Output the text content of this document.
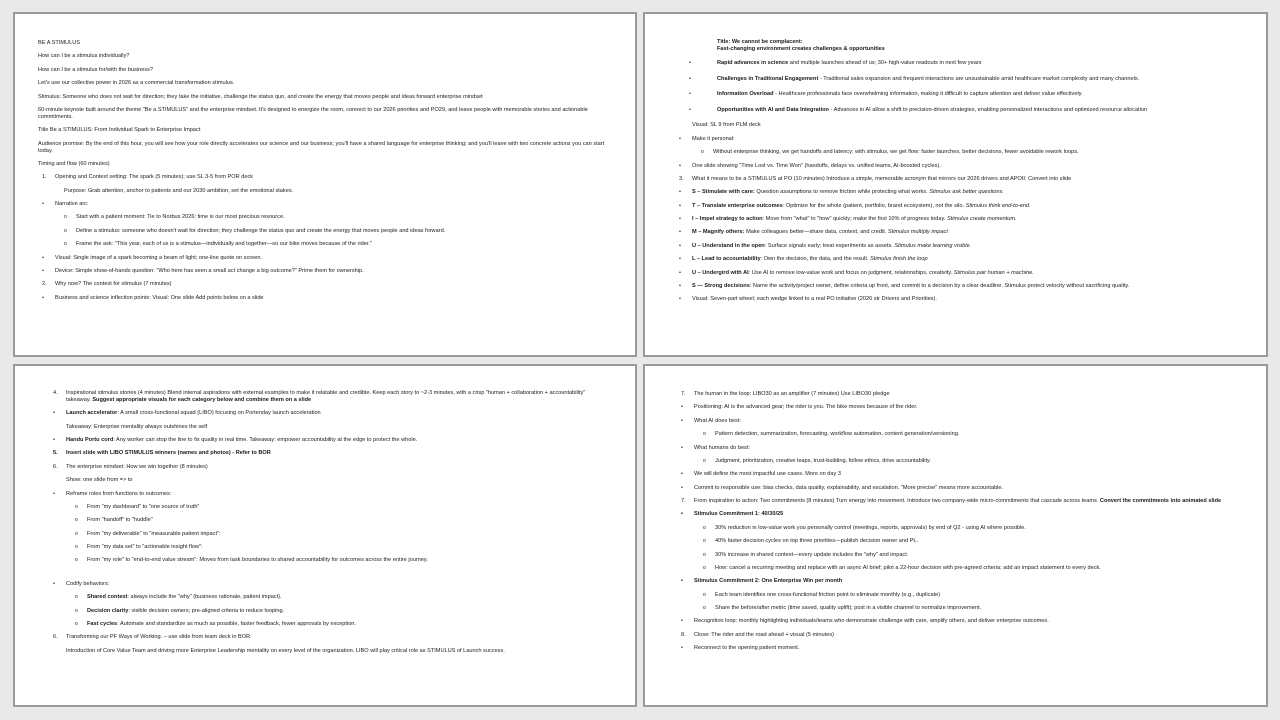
BE A STIMULUS

How can I be a stimulus individually?

How can I be a stimulus for/with the business?

Let's use our collective power in 2026 as a commercial transformation stimulus.

Stimulus: Someone who does not wait for direction; they take the initiative, challenge the status quo, and create the energy that moves people and ideas forward enterprise mindset

60-minute keynote built around the theme "Be a STIMULUS" and the enterprise mindset. It's designed to energize the room, connect to our 2026 priorities and PO29, and leave people with memorable stories and actionable commitments.

Title Be a STIMULUS: From Individual Spark to Enterprise Impact

Audience promise: By the end of this hour, you will see how your role directly accelerates our science and our business; you'll have a shared language for enterprise thinking; and you'll leave with two concrete actions you can start today.

Timing and flow (60 minutes)

1. Opening and Context setting: The spark (5 minutes); use SL 3-5 from POR deck

Purpose: Grab attention, anchor to patients and our 2030 ambition, set the emotional stakes.

• Narrative arc:
o Start with a patient moment: Tie to Norbus 2026: time is our most precious resource.
o Define a stimulus: someone who doesn't wait for direction; they challenge the status quo and create the energy that moves people and ideas forward.
o Frame the ask: "This year, each of us is a stimulus—individually and together—so our bike moves because of the rider."
• Visual: Single image of a spark becoming a beam of light; one-line quote on screen.
• Device: Simple show-of-hands question: "Who here has seen a small act change a big outcome?" Prime them for ownership.
2. Why now? The context for stimulus (7 minutes)
• Business and science inflection points: Visual: One slide Add points below on a slide

Title: We cannot be complacent:

Fast-changing environment creates challenges & opportunities

•	Rapid advances in science and multiple launches ahead of us; 30+ high-value readouts in next few years
•	Challenges in Traditional Engagement - Traditional sales expansion and frequent interactions are unsustainable amid healthcare market complexity and many channels.
•	Information Overload - Healthcare professionals face overwhelming information, making it difficult to capture attention and deliver value effectively.
•	Opportunities with AI and Data Integration - Advances in AI allow a shift to precision-driven strategies, enabling personalized interactions and optimized resource allocation

Visual: SL 9 from PLM deck

• Make it personal:
o Without enterprise thinking, we get handoffs and latency; with stimulus, we get flow: faster launches, better decisions, fewer avoidable rework loops.
• One slide showing "Time Lost vs. Time Won" (handoffs, delays vs. unified teams, AI-boosted cycles).
3. What it means to be a STIMULUS at PO (10 minutes) Introduce a simple, memorable acronym that mirrors our 2026 drivers and APOII: Convert into slide
• S – Stimulate with care: Question assumptions to remove friction while protecting what works. Stimulus ask better questions.
• T – Translate enterprise outcomes: Optimize for the whole (patient, portfolio, brand ecosystem), not the silo. Stimulus think end-to-end.
• I – Impel strategy to action: Move from "what" to "how" quickly; make the first 10% of progress today. Stimulus create momentum.
• M – Magnify others: Make colleagues better—share data, context, and credit. Stimulus multiply impact
• U – Understand in the open: Surface signals early; treat experiments as assets. Stimulus make learning visible.
• L – Lead to accountability: Own the decision, the data, and the result. Stimulus finish the loop
• U – Undergird with AI: Use AI to remove low-value work and focus on judgment, relationships, creativity. Stimulus pair human + machine.
• S — Strong decisions: Name the activity/project owner, define criteria up front, and commit to a decision by a clear deadline. Stimulus protect velocity without sacrificing quality.
• Visual: Seven-part wheel; each wedge linked to a real PO initiative (2026 str Drivers and Priorities).
4. Inspirational stimulus stories (4 minutes) Blend internal aspirations with external examples to make it relatable and credible. Keep each story to ~2-3 minutes, with a crisp "human + collaboration + accountability" takeaway. Suggest appropriate visuals for each category below and combine them on a slide
• Launch accelerator: A small cross-functional squad (LIBO) focusing on Portenday launch acceleration

Takeaway: Enterprise mentality always outshines the self

• Handu Portu cord: Any worker can stop the line to fix quality in real time. Takeaway: empower accountability at the edge to protect the whole.
5. Insert slide with LIBO STIMULUS winners (names and photos) - Refer to BOR
6. The enterprise mindset: How we win together (8 minutes)

Show: one slide from => to

• Reframe roles from functions to outcomes:
o From "my dashboard" to "one source of truth"
o From "handoff" to "huddle"
o From "my deliverable" to "measurable patient impact":
o From "my data set" to "actionable insight flow":
o From "my role" to "end-to-end value stream": Moves from task boundaries to shared accountability for outcomes across the entire journey.
• Codify behaviors:
o Shared context: always include the "why" (business rationale, patient impact).
o Decision clarity: visible decision owners; pre-aligned criteria to reduce looping.
o Fast cycles: Automate and standardize as much as possible, faster feedback, fewer approvals by exception.
6. Transforming our PF Ways of Working. – use slide from team deck in BOR

Introduction of Core Value Team and driving more Enterprise Leadership mentality on every level of the organization. LIBO will play critical role as STIMULUS of Launch success.

7. The human in the loop: LIBO30 as an amplifier (7 minutes) Use LIBO30 pledge
• Positioning: AI is the advanced gear; the rider is you. The bike moves because of the rider.
• What AI does best:
o Pattern detection, summarization, forecasting, workflow automation, content generation/versioning.
• What humans do best:
o Judgment, prioritization, creative leaps, trust-building, follow ethics, drive accountability.
• We will define the most impactful use cases. More on day 3
• Commit to responsible use: bias checks, data quality, explainability, and escalation. "More precise" means more accountable.
7. From inspiration to action: Two commitments (8 minutes) Turn energy into movement. Introduce two company-wide micro-commitments that cascade across teams. Convert the commitments into animated slide
• Stimulus Commitment 1: 40/30/25
o 30% reduction in low-value work you personally control (meetings, reports, approvals) by end of Q2 - using AI where possible.
o 40% faster decision cycles on top three priorities—publish decision owner and PL.
o 30% increase in shared context—every update includes the "why" and impact.
o How: cancel a recurring meeting and replace with an async AI brief; pilot a 22-hour decision with pre-agreed criteria; add an impact statement to every deck.
• Stimulus Commitment 2: One Enterprise Win per month
o Each team identifies one cross-functional friction point to eliminate monthly (e.g., duplicate)
o Share the before/after metric (time saved, quality uplift); post in a visible channel to normalize improvement.
• Recognition loop: monthly highlighting individuals/teams who demonstrate challenge with care, amplify others, and deliver enterprise outcomes.
8. Close: The rider and the road ahead + visual (5 minutes)
• Reconnect to the opening patient moment.
